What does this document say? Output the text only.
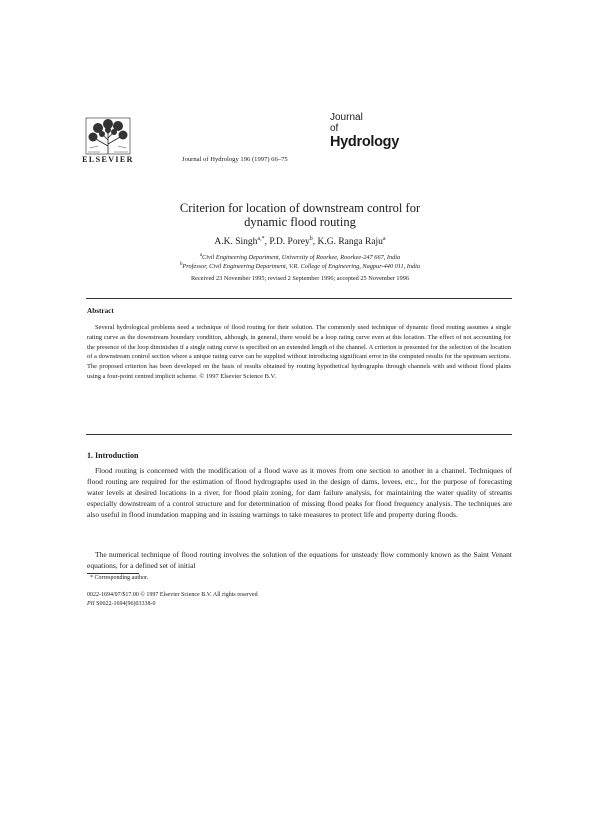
ELSEVIER	Journal of Hydrology 196 (1997) 66–75
Journal
of
Hydrology
Criterion for location of downstream control for
dynamic flood routing
A.K. Singh$^{a,*}$, P.D. Porey$^b$, K.G. Ranga Raju$^a$
$^a$Civil Engineering Department, University of Roorkee, Roorkee-247 667, India
$^b$Professor, Civil Engineering Department, V.R. College of Engineering, Nagpur-440 011, India
Received 23 November 1995; revised 2 September 1996; accepted 25 November 1996
Abstract
Several hydrological problems need a technique of flood routing for their solution. The commonly used technique of dynamic flood routing assumes a single rating curve as the downstream boundary condition, although, in general, there would be a loop rating curve even at this location. The effect of not accounting for the presence of the loop diminishes if a single rating curve is specified on an extended length of the channel. A criterion is presented for the selection of the location of a downstream control section where a unique rating curve can be supplied without introducing significant error in the computed results for the upstream sections. The proposed criterion has been developed on the basis of results obtained by routing hypothetical hydrographs through channels with and without flood plains using a four-point centred implicit scheme. © 1997 Elsevier Science B.V.
1. Introduction
Flood routing is concerned with the modification of a flood wave as it moves from one section to another in a channel. Techniques of flood routing are required for the estimation of flood hydrographs used in the design of dams, levees, etc., for the purpose of forecasting water levels at desired locations in a river, for flood plain zoning, for dam failure analysis, for maintaining the water quality of streams especially downstream of a control structure and for determination of missing flood peaks for flood frequency analysis. The techniques are also useful in flood inundation mapping and in issuing warnings to take measures to protect life and property during floods.
The numerical technique of flood routing involves the solution of the equations for unsteady flow commonly known as the Saint Venant equations, for a defined set of initial
* Corresponding author.
0022-1694/97/$17.00 © 1997 Elsevier Science B.V. All rights reserved
PII S0022-1694(96)03338-0
